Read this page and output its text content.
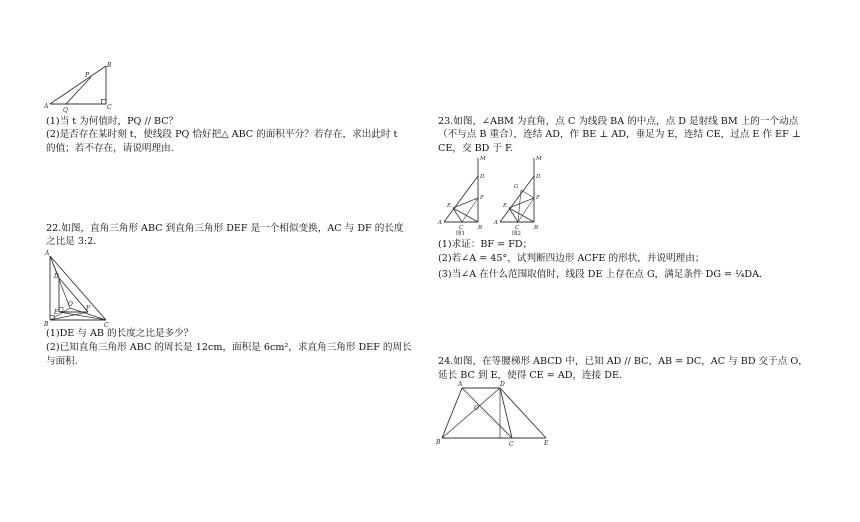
A
Q	C
P
B
(1)当 t 为何值时，PQ // BC？
(2)是否存在某时刻 t，使线段 PQ 恰好把△ ABC 的面积平分？若存在，求出此时 t
的值；若不存在，请说明理由.
22.如图，直角三角形 ABC 到直角三角形 DEF 是一个相似变换，AC 与 DF 的长度
之比是 3:2.
A
D
O
E
F
B	C
(1)DE 与 AB 的长度之比是多少？
(2)已知直角三角形 ABC 的周长是 12cm，面积是 6cm²，求直角三角形 DEF 的周长
与面积.
23.如图，∠ABM 为直角，点 C 为线段 BA 的中点，点 D 是射线 BM 上的一个动点
（不与点 B 重合），连结 AD，作 BE ⊥ AD，垂足为 E，连结 CE，过点 E 作 EF ⊥
CE，交 BD 于 F.
M
D
F
E
A
C	B
图1
M
D
G
F
E
A
C	B
图2
(1)求证：BF = FD；
(2)若∠A = 45°，试判断四边形 ACFE 的形状，并说明理由；
(3)当∠A 在什么范围取值时，线段 DE 上存在点 G，满足条件 DG = ¼DA.
24.如图，在等腰梯形 ABCD 中，已知 AD // BC，AB = DC，AC 与 BD 交于点 O，
延长 BC 到 E，使得 CE = AD，连接 DE.
A	D
O
B	C	E
